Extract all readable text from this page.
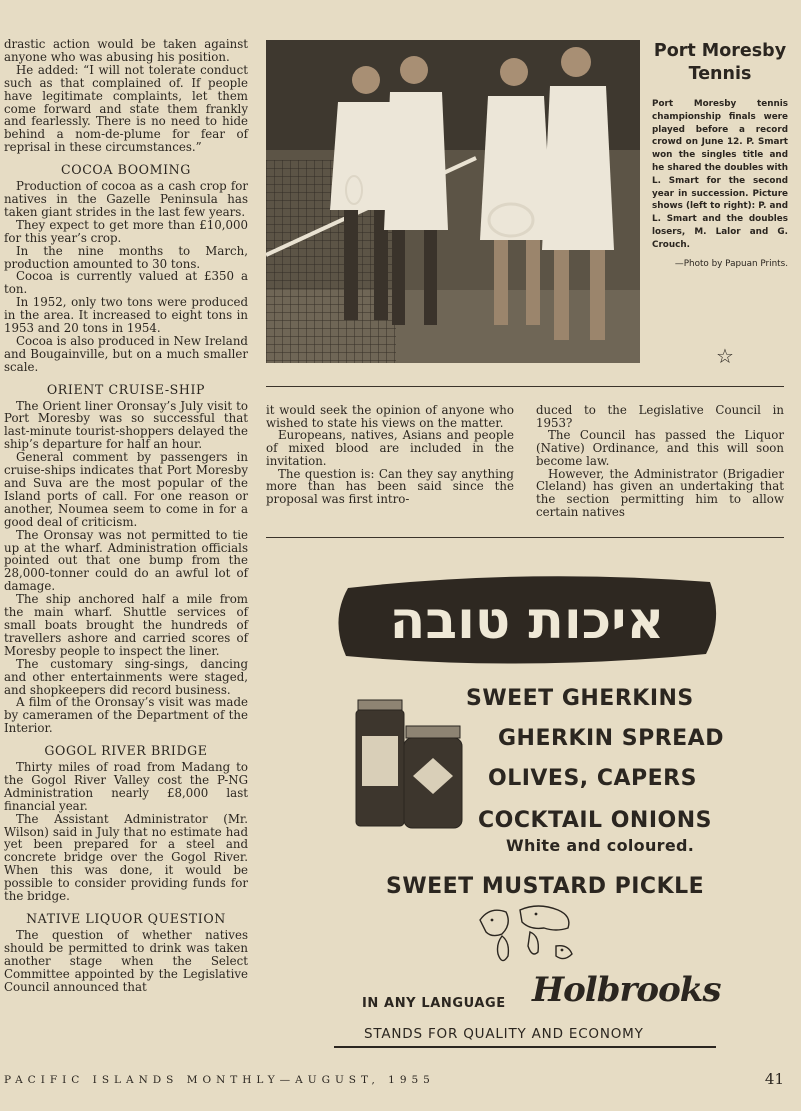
drastic action would be taken against anyone who was abusing his position.

He added: “I will not tolerate conduct such as that complained of. If people have legitimate complaints, let them come forward and state them frankly and fearlessly. There is no need to hide behind a nom-de-plume for fear of reprisal in these circumstances.”

COCOA BOOMING

Production of cocoa as a cash crop for natives in the Gazelle Peninsula has taken giant strides in the last few years.

They expect to get more than £10,000 for this year’s crop.

In the nine months to March, production amounted to 30 tons.

Cocoa is currently valued at £350 a ton.

In 1952, only two tons were produced in the area. It increased to eight tons in 1953 and 20 tons in 1954.

Cocoa is also produced in New Ireland and Bougainville, but on a much smaller scale.

ORIENT CRUISE-SHIP

The Orient liner Oronsay’s July visit to Port Moresby was so successful that last-minute tourist-shoppers delayed the ship’s departure for half an hour.

General comment by passengers in cruise-ships indicates that Port Moresby and Suva are the most popular of the Island ports of call. For one reason or another, Noumea seem to come in for a good deal of criticism.

The Oronsay was not permitted to tie up at the wharf. Administration officials pointed out that one bump from the 28,000-tonner could do an awful lot of damage.

The ship anchored half a mile from the main wharf. Shuttle services of small boats brought the hundreds of travellers ashore and carried scores of Moresby people to inspect the liner.

The customary sing-sings, dancing and other entertainments were staged, and shopkeepers did record business.

A film of the Oronsay’s visit was made by cameramen of the Department of the Interior.

GOGOL RIVER BRIDGE

Thirty miles of road from Madang to the Gogol River Valley cost the P-NG Administration nearly £8,000 last financial year.

The Assistant Administrator (Mr. Wilson) said in July that no estimate had yet been prepared for a steel and concrete bridge over the Gogol River. When this was done, it would be possible to consider providing funds for the bridge.

NATIVE LIQUOR QUESTION

The question of whether natives should be permitted to drink was taken another stage when the Select Committee appointed by the Legislative Council announced that

Port Moresby Tennis

Port Moresby tennis championship finals were played before a record crowd on June 12. P. Smart won the singles title and he shared the doubles with L. Smart for the second year in succession. Picture shows (left to right): P. and L. Smart and the doubles losers, M. Lalor and G. Crouch.

—Photo by Papuan Prints.

☆

it would seek the opinion of anyone who wished to state his views on the matter.

Europeans, natives, Asians and people of mixed blood are included in the invitation.

The question is: Can they say anything more than has been said since the proposal was first intro-

duced to the Legislative Council in 1953?

The Council has passed the Liquor (Native) Ordinance, and this will soon become law.

However, the Administrator (Brigadier Cleland) has given an undertaking that the section permitting him to allow certain natives

איכות טובה
SWEET GHERKINS
GHERKIN SPREAD
OLIVES, CAPERS
COCKTAIL ONIONS
White and coloured.
SWEET MUSTARD PICKLE
IN ANY LANGUAGE Holbrooks
STANDS FOR QUALITY AND ECONOMY
PACIFIC ISLANDS MONTHLY—AUGUST, 1955	41
